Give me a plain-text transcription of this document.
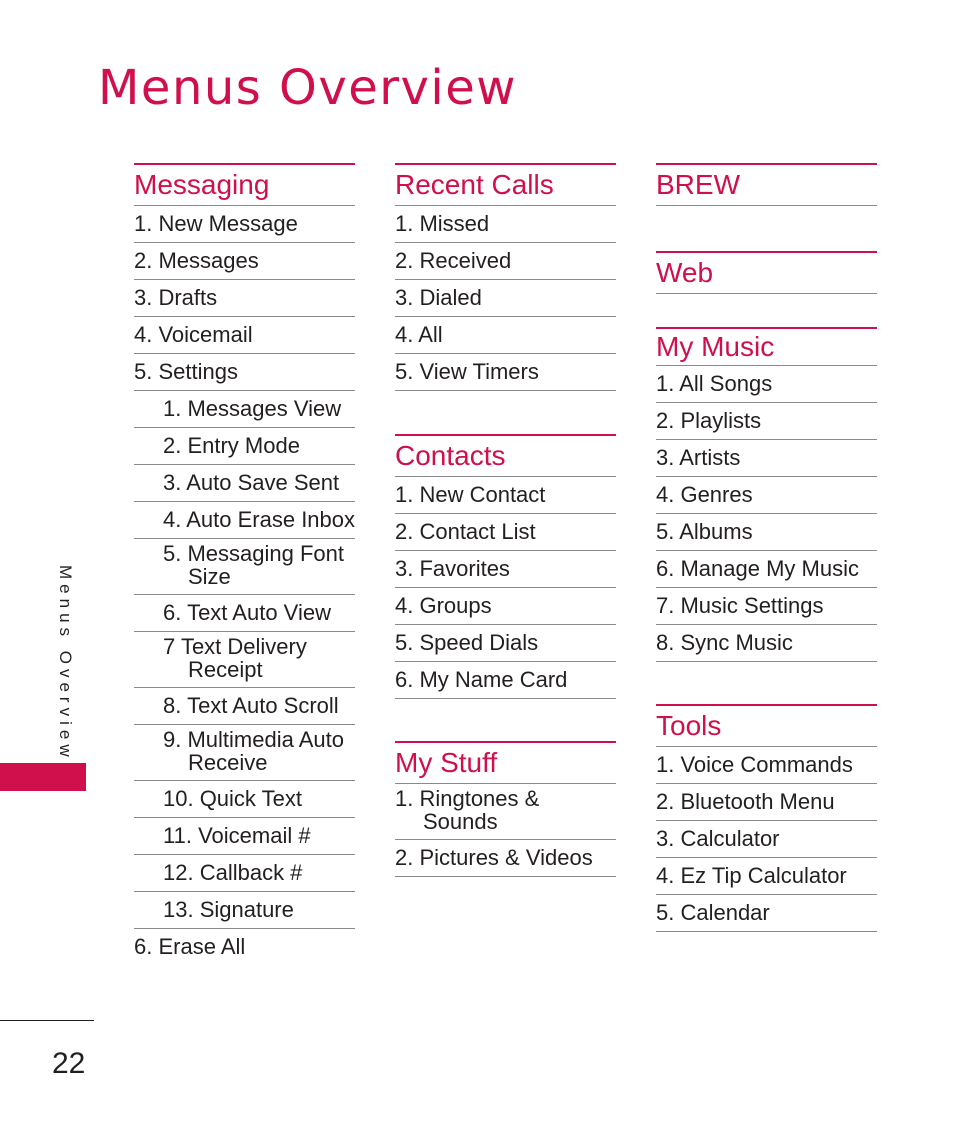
Menus Overview
Messaging
1. New Message
2. Messages
3. Drafts
4. Voicemail
5. Settings
1. Messages View
2. Entry Mode
3. Auto Save Sent
4. Auto Erase Inbox
5. Messaging Font
Size
6. Text Auto View
7 Text Delivery
Receipt
8. Text Auto Scroll
9. Multimedia Auto
Receive
10. Quick Text
11. Voicemail #
12. Callback #
13. Signature
6. Erase All
Recent Calls
1. Missed
2. Received
3. Dialed
4. All
5. View Timers
Contacts
1. New Contact
2. Contact List
3. Favorites
4. Groups
5. Speed Dials
6. My Name Card
My Stuff
1. Ringtones &
Sounds
2. Pictures & Videos
BREW
Web
My Music
1. All Songs
2. Playlists
3. Artists
4. Genres
5. Albums
6. Manage My Music
7. Music Settings
8. Sync Music
Tools
1. Voice Commands
2. Bluetooth Menu
3. Calculator
4. Ez Tip Calculator
5. Calendar
Menus Overview
22
